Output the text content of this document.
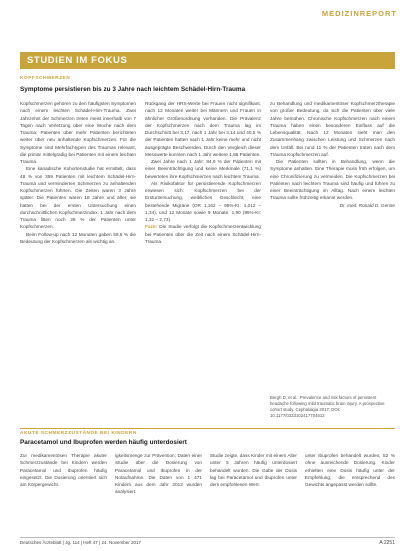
MEDIZINREPORT
STUDIEN IM FOKUS
KOPFSCHMERZEN
Symptome persistieren bis zu 3 Jahre nach leichtem Schädel-Hirn-Trauma

Kopfschmerzen gehören zu den häufigsten Symptomen nach einem leichten Schädel-Hirn-Trauma. Zwei Jahrzehnt der Schmerzen treten meist innerhalb von 7 Tagen nach Verletzung über eine Woche nach dem Trauma: Patienten über mehr Patienten berichteten weiter über neu anhaltende Kopfschmerzen. Für die Symptome sind Mehrfachtypen des Traumas relevant, die primär mittelgradig bei Patienten mit einem leichten Trauma.

Eine kanadische Kohortenstudie hat ermittelt, dass 48 % von 359 Patienten mit leichtem Schädel-Hirn-Trauma und verminderten Schmerzen zu anhaltenden Kopfschmerzen führten. Die Zeiten waren 3 Jahre später. Die Patienten waren 18 Jahre und älter, sie hatten bei der ersten Untersuchung einen durchschnittlichen Kopfschmerzindex. 1 Jahr nach dem Trauma litten noch 28 % der Patienten unter Kopfschmerzen.

Beim Follow-up nach 12 Monaten gaben 59,6 % die Bedeutung der Kopfschmerzen als wichtig an.

Rückgang der HRS-Werte bei Frauen nicht signifikant, nach 12 Monaten weiter bei Männern und Frauen in ähnlicher Größenordnung vorhanden. Die Prävalenz der Kopfschmerzen nach dem Trauma lag im Durchschnitt bei 3,17, nach 1 Jahr bei 3,14 und 40,5 % der Patienten hatten nach 1 Jahr keine mehr und nicht ausgeprägte Beschwerden. Durch den Vergleich dieser Messwerte konnten nach 1 Jahr weitere 1,86 Patienten.

Zwei Jahre nach 1 Jahr: 84,9 % der Patienten mit einer Beeinträchtigung und keine Merkmale (71,1 %) bewerteten ihre Kopfschmerzen nach leichtem Trauma.

Als Risikofaktor für persistierende Kopfschmerzen erwiesen sich: Kopfschmerzen bei der Erstuntersuchung, weibliches Geschlecht, eine bestehende Migräne (OR 1,162 – 95%-KI: 1,012 – 1,34), und 12 Monate sowie 9 Monate: 1,90 (95%-KI: 1,32 – 2,73).

Fazit: Die Studie verfolgt die Kopfschmerzentwicklung bei Patienten über die Zeit nach einem Schädel-Hirn-Trauma.

zu Behandlung und medikamentöser Kopfschmerztherapie von großer Bedeutung, da sich die Patienten über viele Jahre bemühen. Chronische Kopfschmerzen nach einem Trauma haben einen besonderen Einfluss auf die Lebensqualität. Nach 12 Monaten sieht man den Zusammenhang zwischen Leistung und Schmerzen nach dem Unfall. Bei rund 11 % der Patienten traten nach dem Trauma Kopfschmerzen auf.

Die Patienten sollten in Behandlung, wenn die Symptome anhalten. Eine Therapie muss früh erfolgen, um eine Chronifizierung zu vermeiden. Die Kopfschmerzen bei Patienten nach leichtem Trauma sind häufig und führen zu einer Beeinträchtigung im Alltag. Nach einem leichten Trauma sollte frühzeitig erkannt werden.

Dr. med. Ronald D. Gerste

Bergh D, et al.: Prevalence and risk factors of persistent headache following mild traumatic brain injury. A prospective cohort study. Cephalalgia 2017; DOI: 10.1177/0333102417704612
AKUTE SCHMERZZUSTÄNDE BEI KINDERN
Paracetamol und Ibuprofen werden häufig unterdosiert

Zur medikamentösen Therapie akuter Schmerzzustände bei Kindern werden Paracetamol und Ibuprofen häufig eingesetzt. Die Dosierung orientiert sich am Körpergewicht.

igkeitsmenge zur Prävention; Daten einer Studie über die Dosierung von Paracetamol und Ibuprofen in der Notaufnahme. Die Daten von 1 471 Kindern aus dem Jahr 2013 wurden analysiert.

Studie zeigte, dass Kinder mit einem Alter unter 5 Jahren häufig unterdosiert behandelt wurden. Die Gabe der Dosis lag bei Paracetamol und Ibuprofen unter dem empfohlenen Wert.

unter Ibuprofen behandelt wurden, 52 % ohne ausreichende Dosierung. Kinder erhielten eine Dosis häufig unter der Empfehlung, die entsprechend des Gewichts angepasst werden sollte.

Deutsches Ärzteblatt | Jg. 114 | Heft 47 | 24. November 2017	A 2251
